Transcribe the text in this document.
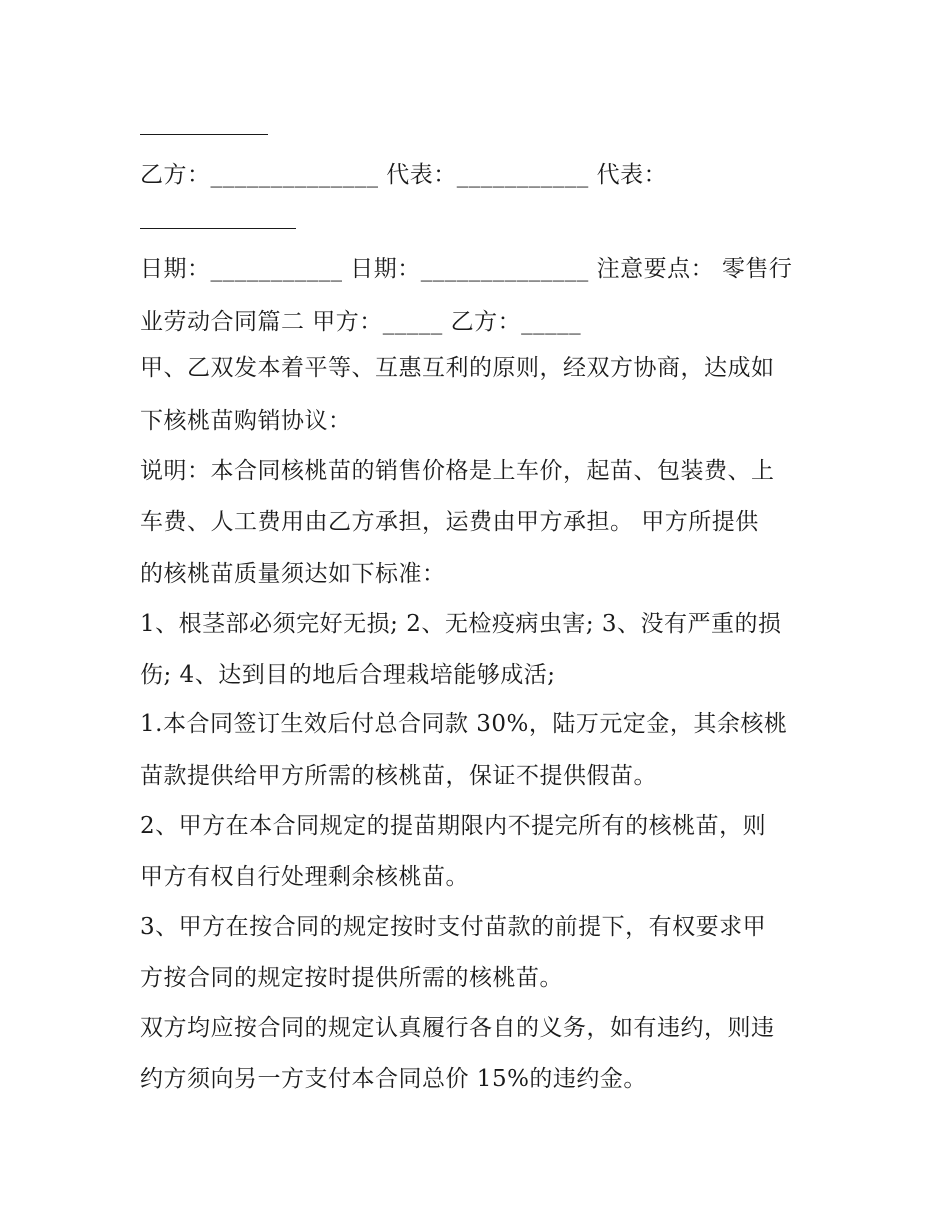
乙方：______________ 代表：___________ 代表：
日期：___________ 日期：______________ 注意要点： 零售行
业劳动合同篇二 甲方：_____ 乙方：_____
甲、乙双发本着平等、互惠互利的原则，经双方协商，达成如
下核桃苗购销协议：
说明：本合同核桃苗的销售价格是上车价，起苗、包装费、上
车费、人工费用由乙方承担，运费由甲方承担。 甲方所提供
的核桃苗质量须达如下标准：
1、根茎部必须完好无损; 2、无检疫病虫害; 3、没有严重的损
伤; 4、达到目的地后合理栽培能够成活;
1.本合同签订生效后付总合同款 30%，陆万元定金，其余核桃
苗款提供给甲方所需的核桃苗，保证不提供假苗。
2、甲方在本合同规定的提苗期限内不提完所有的核桃苗，则
甲方有权自行处理剩余核桃苗。
3、甲方在按合同的规定按时支付苗款的前提下，有权要求甲
方按合同的规定按时提供所需的核桃苗。
双方均应按合同的规定认真履行各自的义务，如有违约，则违
约方须向另一方支付本合同总价 15%的违约金。
